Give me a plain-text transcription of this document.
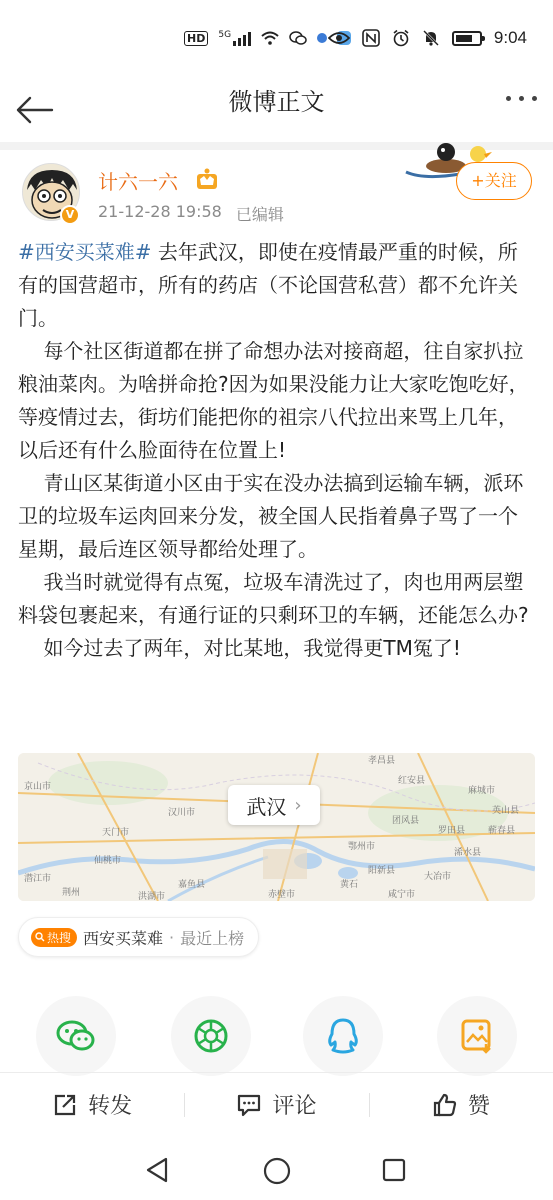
HD	5G	9:04
微博正文
V
计六一六
21-12-28 19:58 已编辑
+关注

#西安买菜难# 去年武汉，即使在疫情最严重的时候，所有的国营超市，所有的药店（不论国营私营）都不允许关门。

每个社区街道都在拼了命想办法对接商超，往自家扒拉粮油菜肉。为啥拼命抢?因为如果没能力让大家吃饱吃好，等疫情过去，街坊们能把你的祖宗八代拉出来骂上几年，以后还有什么脸面待在位置上!

青山区某街道小区由于实在没办法搞到运输车辆，派环卫的垃圾车运肉回来分发，被全国人民指着鼻子骂了一个星期，最后连区领导都给处理了。

我当时就觉得有点冤，垃圾车清洗过了，肉也用两层塑料袋包裹起来，有通行证的只剩环卫的车辆，还能怎么办?

如今过去了两年，对比某地，我觉得更TM冤了!

京山市
孝昌县
红安县
麻城市
汉川市
天门市
仙桃市
鄂州市
黄石
嘉鱼县
阳新县
潜江市
洪湖市
荆州
浠水县
蕲春县
英山县
罗田县
团风县
咸宁市
赤壁市
大冶市
武汉 ›
热搜 西安买菜难 · 最近上榜
转发	评论	赞
